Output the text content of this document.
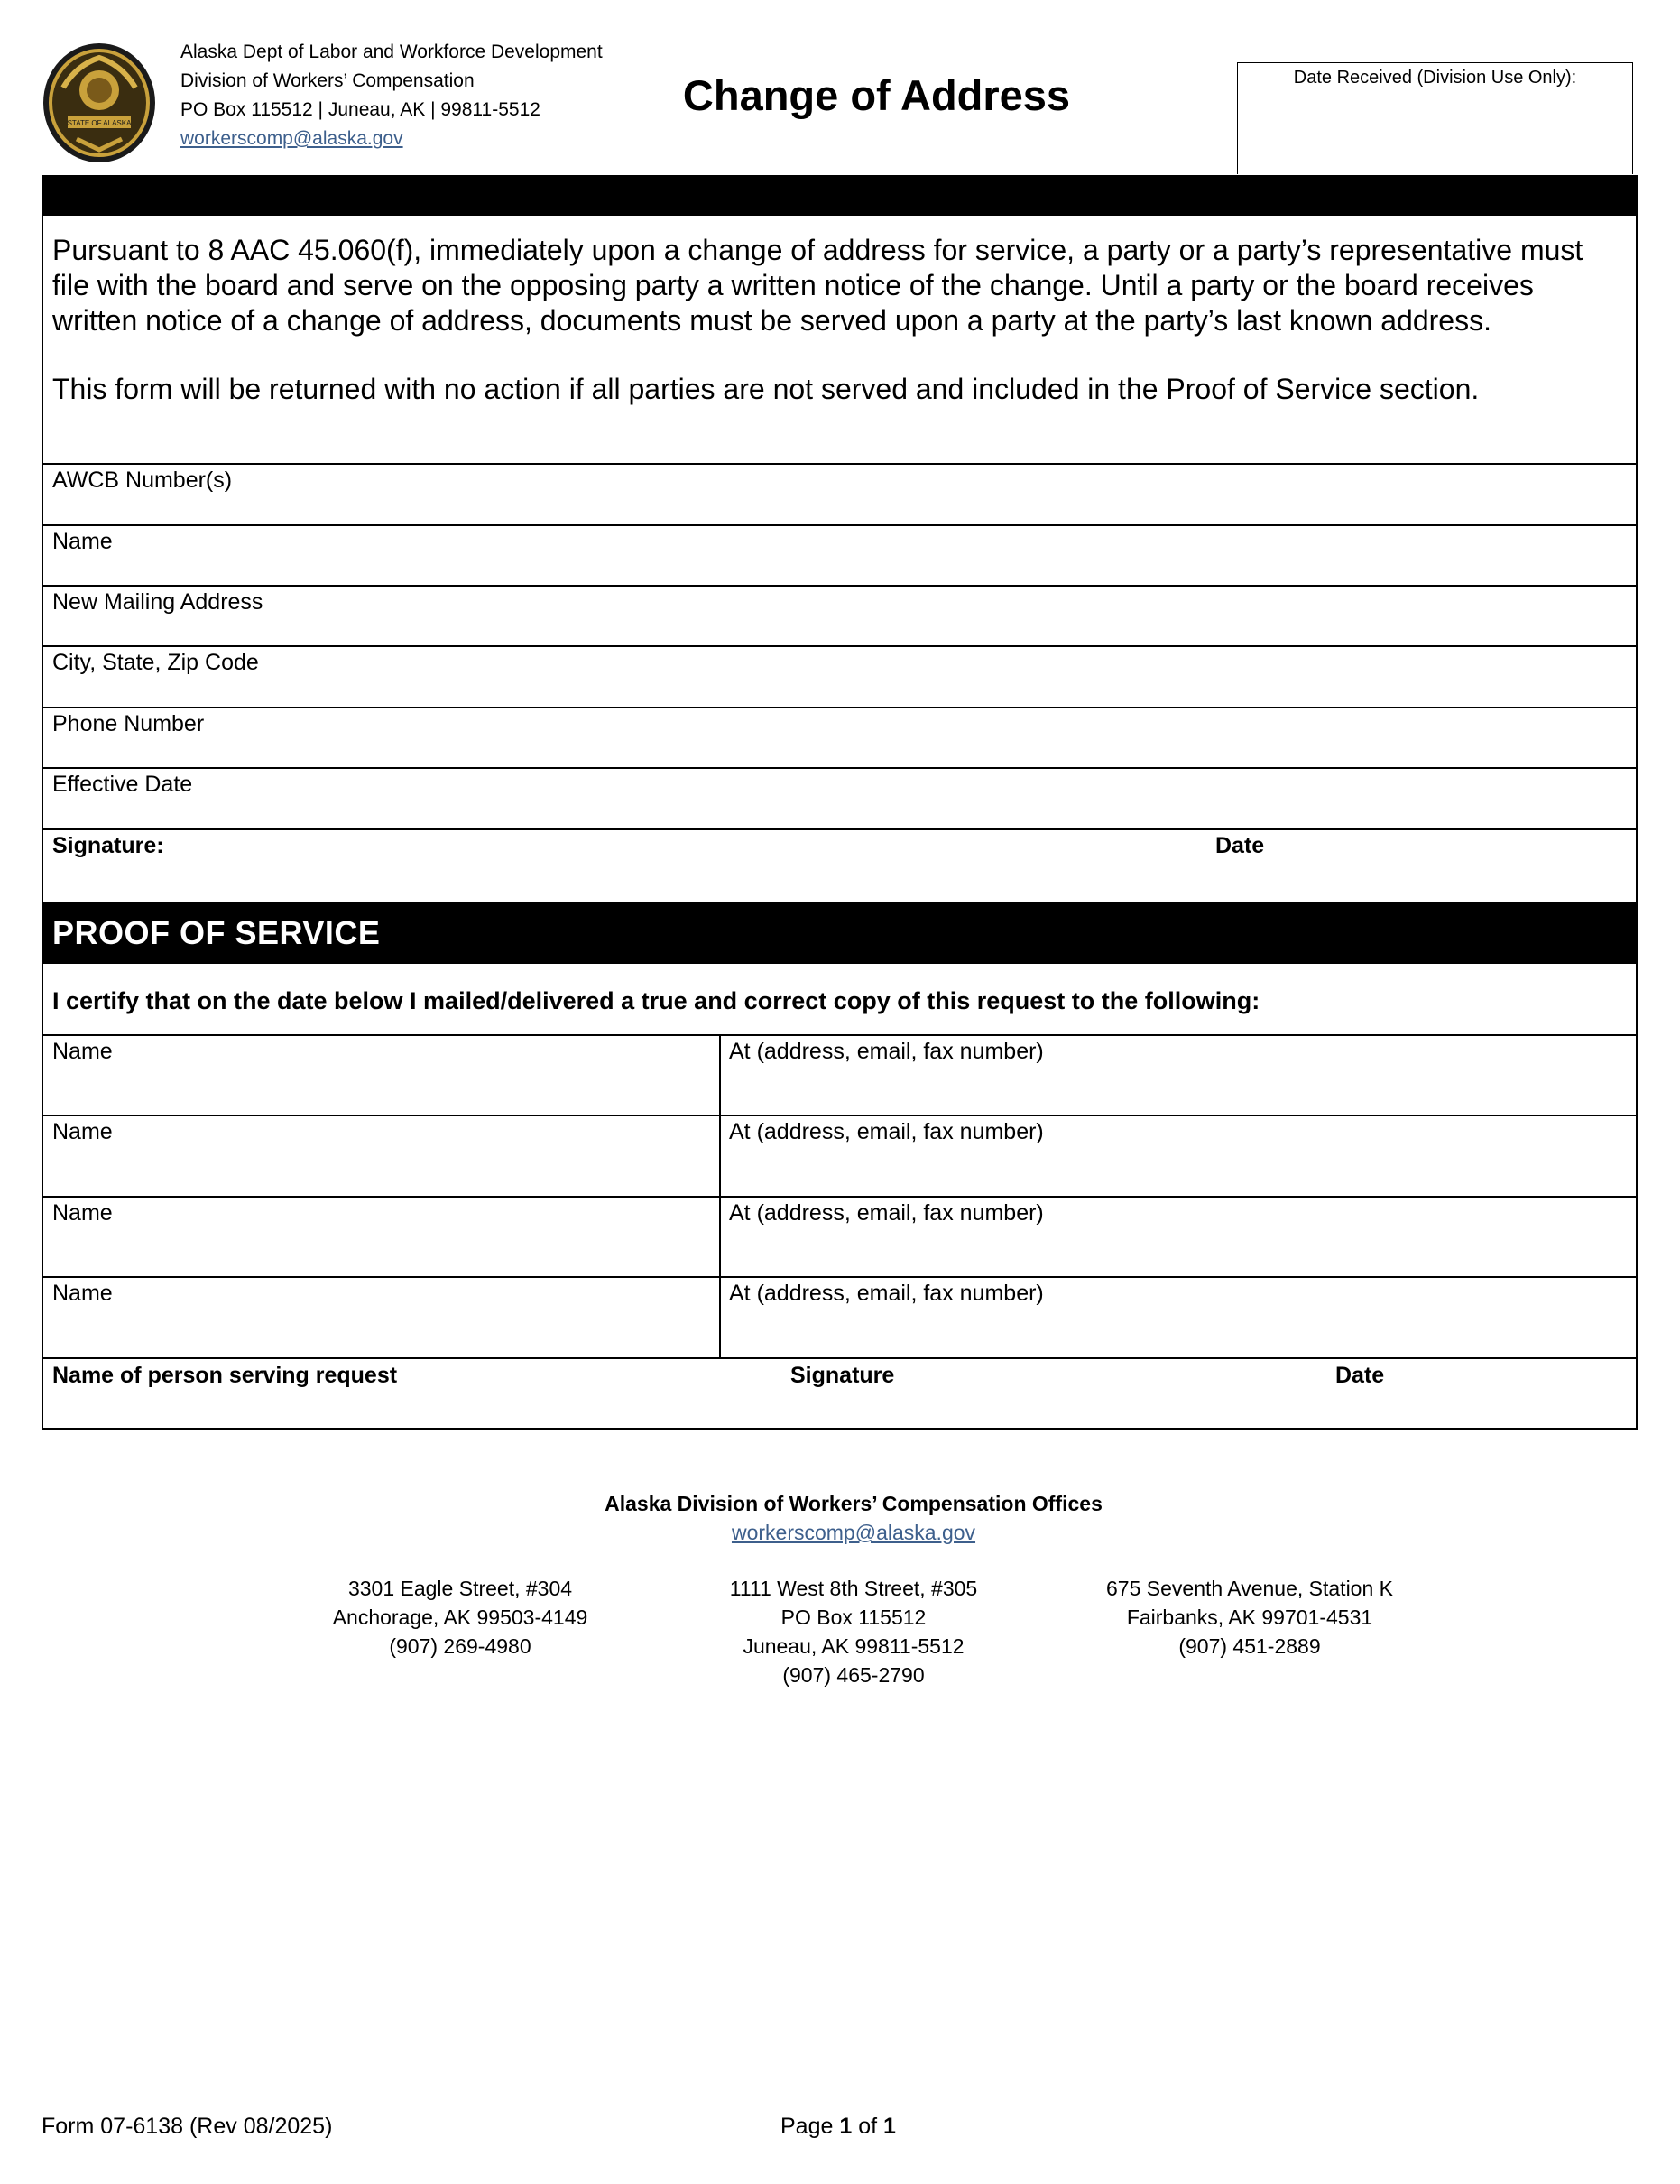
STATE OF ALASKA
Alaska Dept of Labor and Workforce Development
Division of Workers’ Compensation
PO Box 115512 | Juneau, AK | 99811-5512
workerscomp@alaska.gov
Change of Address	Date Received (Division Use Only):

Pursuant to 8 AAC 45.060(f), immediately upon a change of address for service, a party or a party’s representative must file with the board and serve on the opposing party a written notice of the change. Until a party or the board receives written notice of a change of address, documents must be served upon a party at the party’s last known address.

This form will be returned with no action if all parties are not served and included in the Proof of Service section.

AWCB Number(s)
Name
New Mailing Address
City, State, Zip Code
Phone Number
Effective Date
Signature:	Date
PROOF OF SERVICE
I certify that on the date below I mailed/delivered a true and correct copy of this request to the following:
Name	At (address, email, fax number)
Name	At (address, email, fax number)
Name	At (address, email, fax number)
Name	At (address, email, fax number)
Name of person serving request	Signature	Date
Alaska Division of Workers’ Compensation Offices
workerscomp@alaska.gov
3301 Eagle Street, #304
Anchorage, AK 99503-4149
(907) 269-4980
1111 West 8th Street, #305
PO Box 115512
Juneau, AK 99811-5512
(907) 465-2790
675 Seventh Avenue, Station K
Fairbanks, AK 99701-4531
(907) 451-2889
Form 07-6138 (Rev 08/2025)	Page 1 of 1
